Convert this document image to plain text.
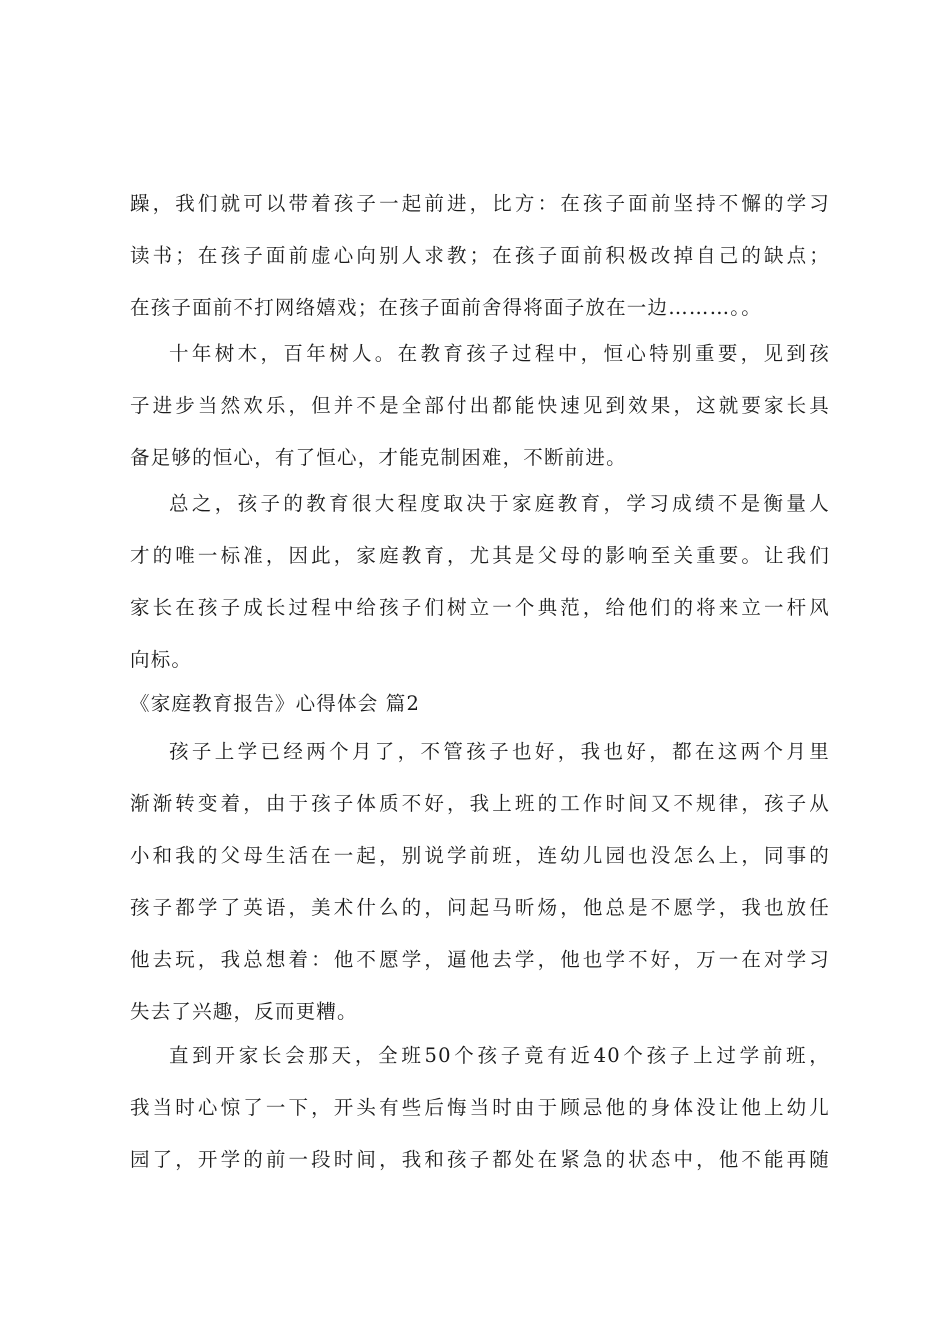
躁，我们就可以带着孩子一起前进，比方：在孩子面前坚持不懈的学习
读书；在孩子面前虚心向别人求教；在孩子面前积极改掉自己的缺点；
在孩子面前不打网络嬉戏；在孩子面前舍得将面子放在一边………。。
十年树木，百年树人。在教育孩子过程中，恒心特别重要，见到孩
子进步当然欢乐，但并不是全部付出都能快速见到效果，这就要家长具
备足够的恒心，有了恒心，才能克制困难，不断前进。
总之，孩子的教育很大程度取决于家庭教育，学习成绩不是衡量人
才的唯一标准，因此，家庭教育，尤其是父母的影响至关重要。让我们
家长在孩子成长过程中给孩子们树立一个典范，给他们的将来立一杆风
向标。
《家庭教育报告》心得体会 篇2
孩子上学已经两个月了，不管孩子也好，我也好，都在这两个月里
渐渐转变着，由于孩子体质不好，我上班的工作时间又不规律，孩子从
小和我的父母生活在一起，别说学前班，连幼儿园也没怎么上，同事的
孩子都学了英语，美术什么的，问起马昕炀，他总是不愿学，我也放任
他去玩，我总想着：他不愿学，逼他去学，他也学不好，万一在对学习
失去了兴趣，反而更糟。
直到开家长会那天，全班50个孩子竟有近40个孩子上过学前班，
我当时心惊了一下，开头有些后悔当时由于顾忌他的身体没让他上幼儿
园了，开学的前一段时间，我和孩子都处在紧急的状态中，他不能再随
